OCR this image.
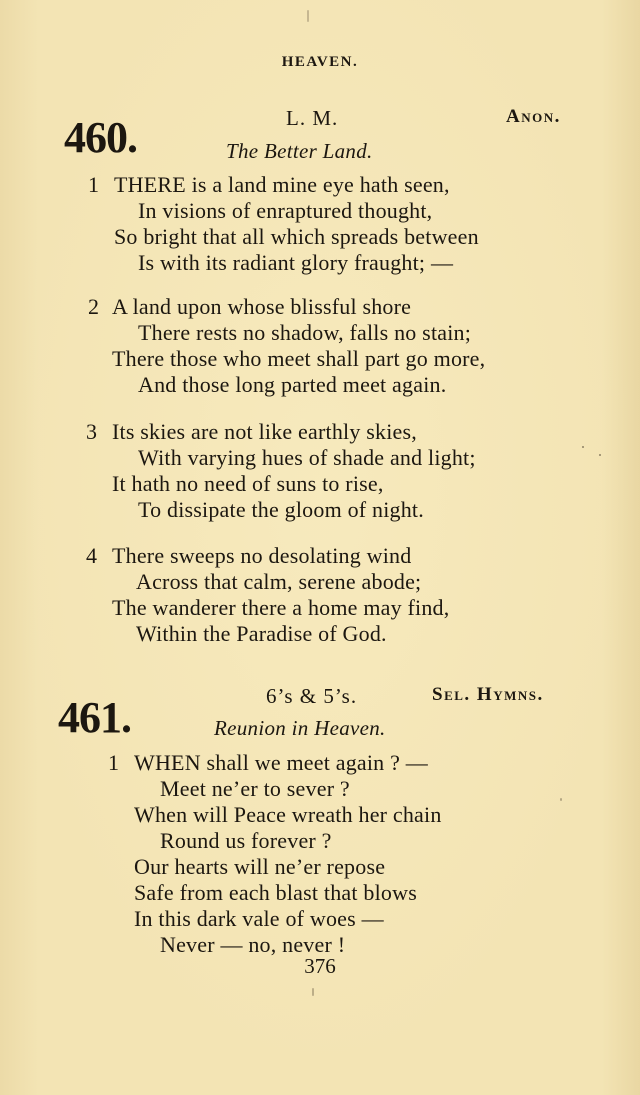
HEAVEN.
460.	L. M.	Anon.
The Better Land.
1 THERE is a land mine eye hath seen,
In visions of enraptured thought,
So bright that all which spreads between
Is with its radiant glory fraught; —
2 A land upon whose blissful shore
There rests no shadow, falls no stain;
There those who meet shall part go more,
And those long parted meet again.
3 Its skies are not like earthly skies,
With varying hues of shade and light;
It hath no need of suns to rise,
To dissipate the gloom of night.
4 There sweeps no desolating wind
Across that calm, serene abode;
The wanderer there a home may find,
Within the Paradise of God.
461.	6’s & 5’s.	Sel. Hymns.
Reunion in Heaven.
1 WHEN shall we meet again ? —
Meet ne’er to sever ?
When will Peace wreath her chain
Round us forever ?
Our hearts will ne’er repose
Safe from each blast that blows
In this dark vale of woes —
Never — no, never !
376
